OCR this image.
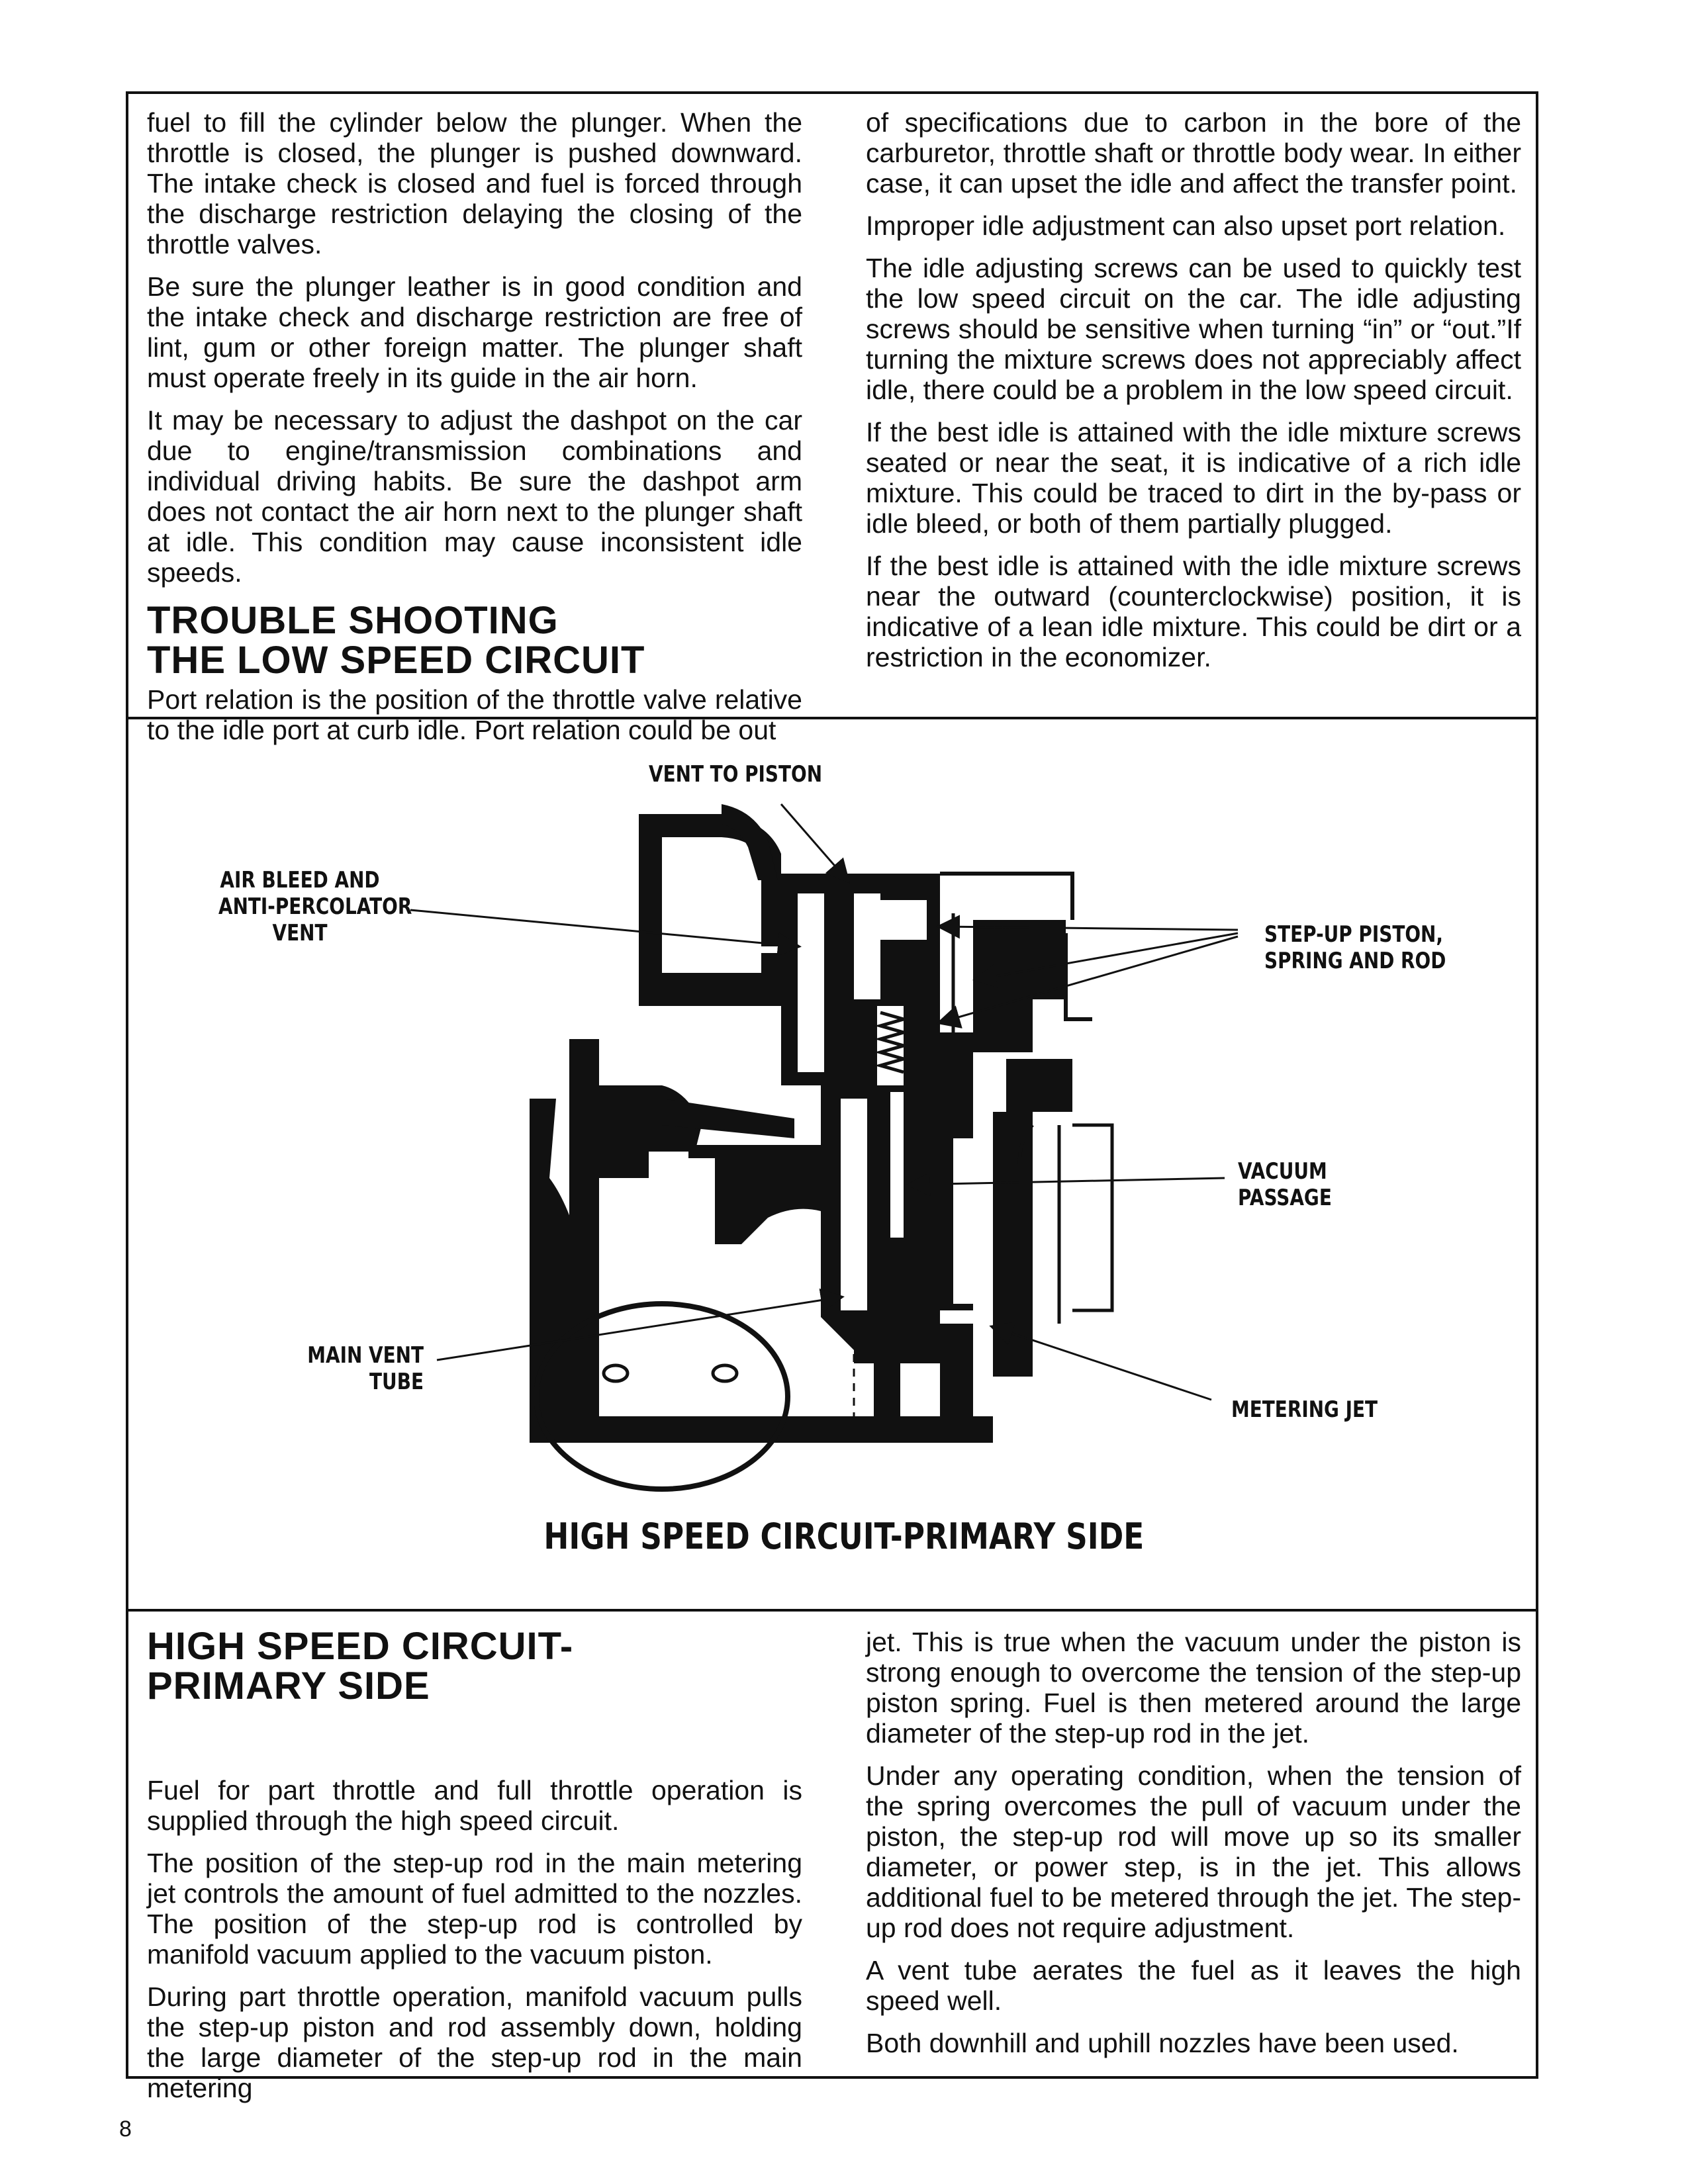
fuel to fill the cylinder below the plunger. When the throttle is closed, the plunger is pushed downward. The intake check is closed and fuel is forced through the discharge restriction delaying the closing of the throttle valves.

Be sure the plunger leather is in good condition and the intake check and discharge restriction are free of lint, gum or other foreign matter. The plunger shaft must operate freely in its guide in the air horn.

It may be necessary to adjust the dashpot on the car due to engine/transmission combinations and individual driving habits. Be sure the dashpot arm does not contact the air horn next to the plunger shaft at idle. This condition may cause inconsistent idle speeds.

TROUBLE SHOOTING
THE LOW SPEED CIRCUIT

Port relation is the position of the throttle valve relative to the idle port at curb idle. Port relation could be out

of specifications due to carbon in the bore of the carburetor, throttle shaft or throttle body wear. In either case, it can upset the idle and affect the transfer point.

Improper idle adjustment can also upset port relation.

The idle adjusting screws can be used to quickly test the low speed circuit on the car. The idle adjusting screws should be sensitive when turning “in” or “out.”If turning the mixture screws does not appreciably affect idle, there could be a problem in the low speed circuit.

If the best idle is attained with the idle mixture screws seated or near the seat, it is indicative of a rich idle mixture. This could be traced to dirt in the by-pass or idle bleed, or both of them partially plugged.

If the best idle is attained with the idle mixture screws near the outward (counterclockwise) position, it is indicative of a lean idle mixture. This could be dirt or a restriction in the economizer.

VENT TO PISTON
AIR BLEED AND
ANTI-PERCOLATOR
VENT	STEP-UP PISTON,
SPRING AND ROD
VACUUM
PASSAGE
MAIN VENT
TUBE
METERING JET
HIGH SPEED CIRCUIT-PRIMARY SIDE
HIGH SPEED CIRCUIT-
PRIMARY SIDE

Fuel for part throttle and full throttle operation is supplied through the high speed circuit.

The position of the step-up rod in the main metering jet controls the amount of fuel admitted to the nozzles. The position of the step-up rod is controlled by manifold vacuum applied to the vacuum piston.

During part throttle operation, manifold vacuum pulls the step-up piston and rod assembly down, holding the large diameter of the step-up rod in the main metering

jet. This is true when the vacuum under the piston is strong enough to overcome the tension of the step-up piston spring. Fuel is then metered around the large diameter of the step-up rod in the jet.

Under any operating condition, when the tension of the spring overcomes the pull of vacuum under the piston, the step-up rod will move up so its smaller diameter, or power step, is in the jet. This allows additional fuel to be metered through the jet. The step-up rod does not require adjustment.

A vent tube aerates the fuel as it leaves the high speed well.

Both downhill and uphill nozzles have been used.

8
